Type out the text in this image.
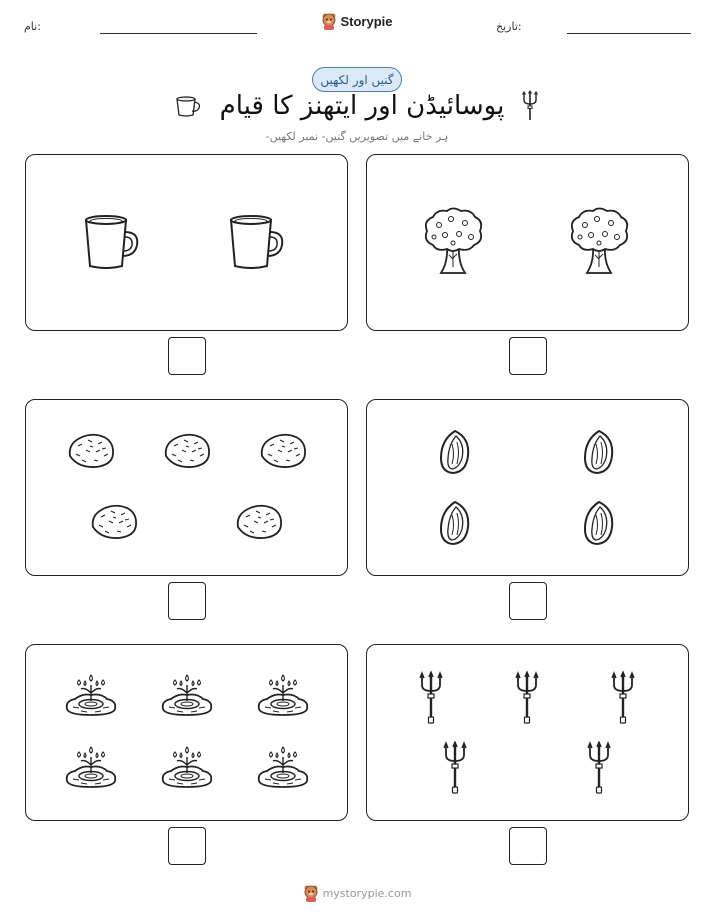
نام:	Storypie	تاریخ:
گنیں اور لکھیں
پوسائیڈن اور ایتھنز کا قیام
ہر خانے میں تصویریں گنیں- نمبر لکھیں-
mystorypie.com
